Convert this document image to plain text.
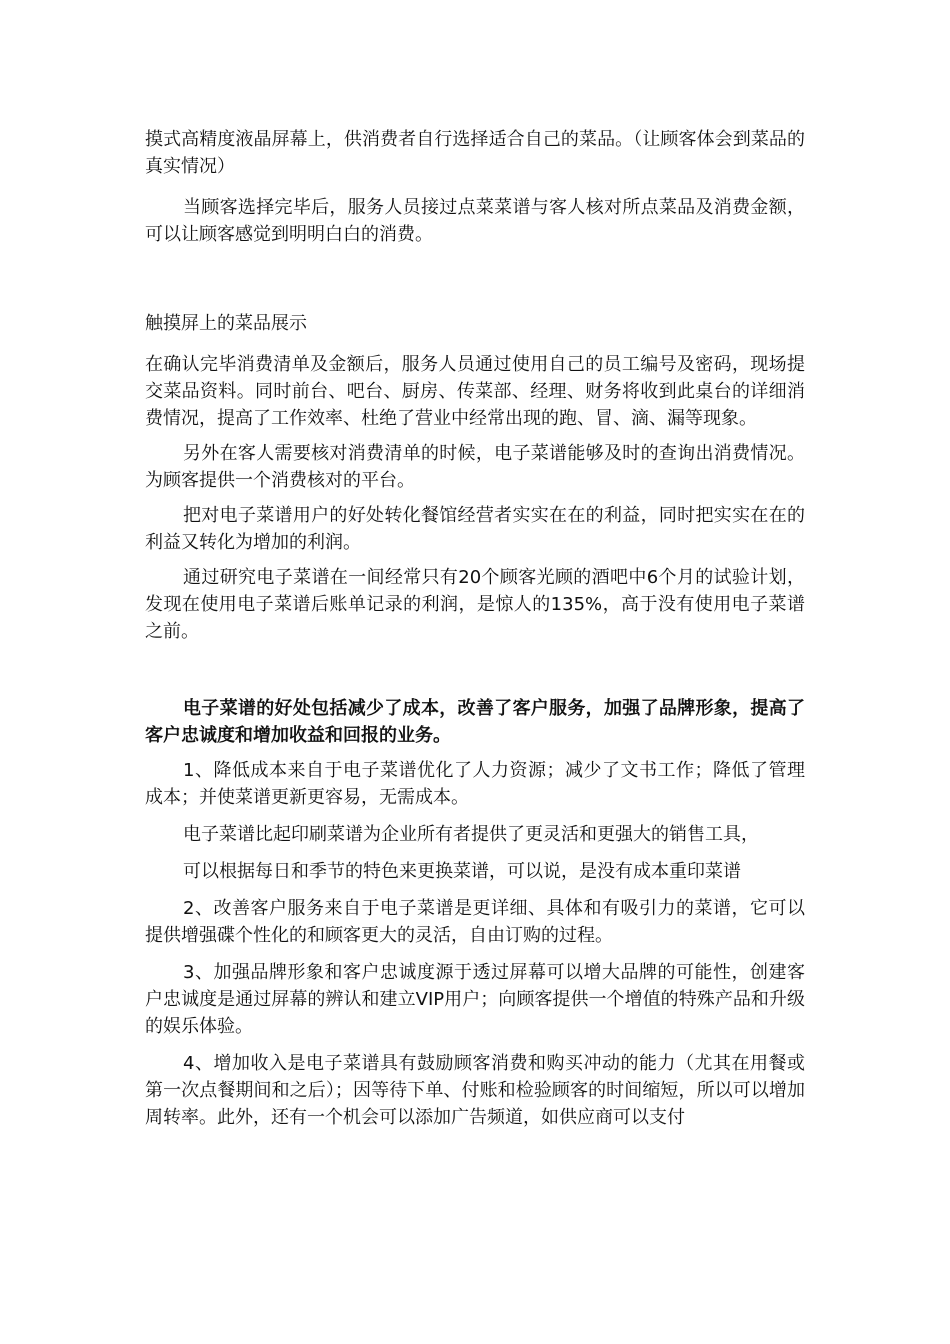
摸式高精度液晶屏幕上，供消费者自行选择适合自己的菜品。（让顾客体会到菜品的真实情况）

当顾客选择完毕后，服务人员接过点菜菜谱与客人核对所点菜品及消费金额，可以让顾客感觉到明明白白的消费。

触摸屏上的菜品展示

在确认完毕消费清单及金额后，服务人员通过使用自己的员工编号及密码，现场提交菜品资料。同时前台、吧台、厨房、传菜部、经理、财务将收到此桌台的详细消费情况，提高了工作效率、杜绝了营业中经常出现的跑、冒、滴、漏等现象。

另外在客人需要核对消费清单的时候，电子菜谱能够及时的查询出消费情况。为顾客提供一个消费核对的平台。

把对电子菜谱用户的好处转化餐馆经营者实实在在的利益，同时把实实在在的利益又转化为增加的利润。

通过研究电子菜谱在一间经常只有20个顾客光顾的酒吧中6个月的试验计划，发现在使用电子菜谱后账单记录的利润，是惊人的135%，高于没有使用电子菜谱之前。

电子菜谱的好处包括减少了成本，改善了客户服务，加强了品牌形象，提高了客户忠诚度和增加收益和回报的业务。

1、降低成本来自于电子菜谱优化了人力资源；减少了文书工作；降低了管理成本；并使菜谱更新更容易，无需成本。

电子菜谱比起印刷菜谱为企业所有者提供了更灵活和更强大的销售工具，

可以根据每日和季节的特色来更换菜谱，可以说，是没有成本重印菜谱

2、改善客户服务来自于电子菜谱是更详细、具体和有吸引力的菜谱，它可以提供增强碟个性化的和顾客更大的灵活，自由订购的过程。

3、加强品牌形象和客户忠诚度源于透过屏幕可以增大品牌的可能性，创建客户忠诚度是通过屏幕的辨认和建立VIP用户；向顾客提供一个增值的特殊产品和升级的娱乐体验。

4、增加收入是电子菜谱具有鼓励顾客消费和购买冲动的能力（尤其在用餐或第一次点餐期间和之后）；因等待下单、付账和检验顾客的时间缩短，所以可以增加周转率。此外，还有一个机会可以添加广告频道，如供应商可以支付
